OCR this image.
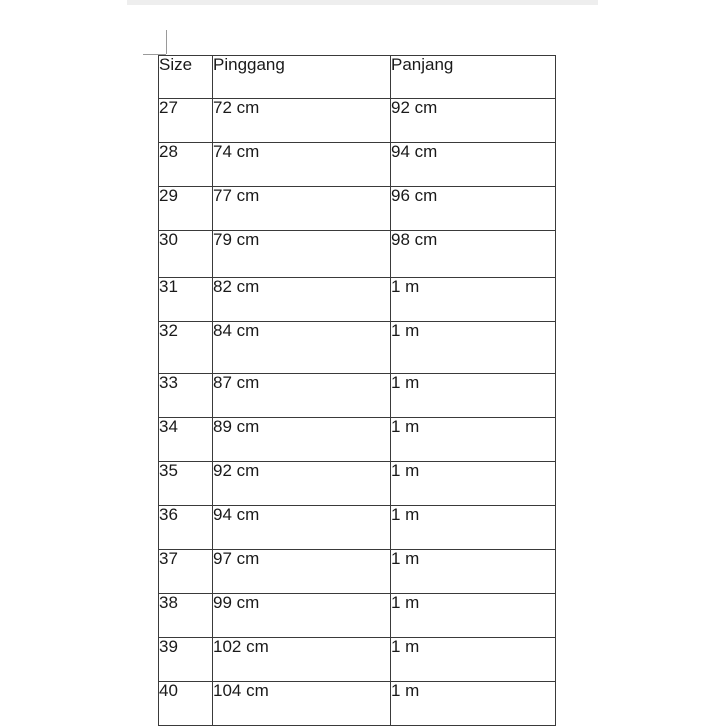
Size	Pinggang	Panjang
27	72 cm	92 cm
28	74 cm	94 cm
29	77 cm	96 cm
30	79 cm	98 cm
31	82 cm	1 m
32	84 cm	1 m
33	87 cm	1 m
34	89 cm	1 m
35	92 cm	1 m
36	94 cm	1 m
37	97 cm	1 m
38	99 cm	1 m
39	102 cm	1 m
40	104 cm	1 m
